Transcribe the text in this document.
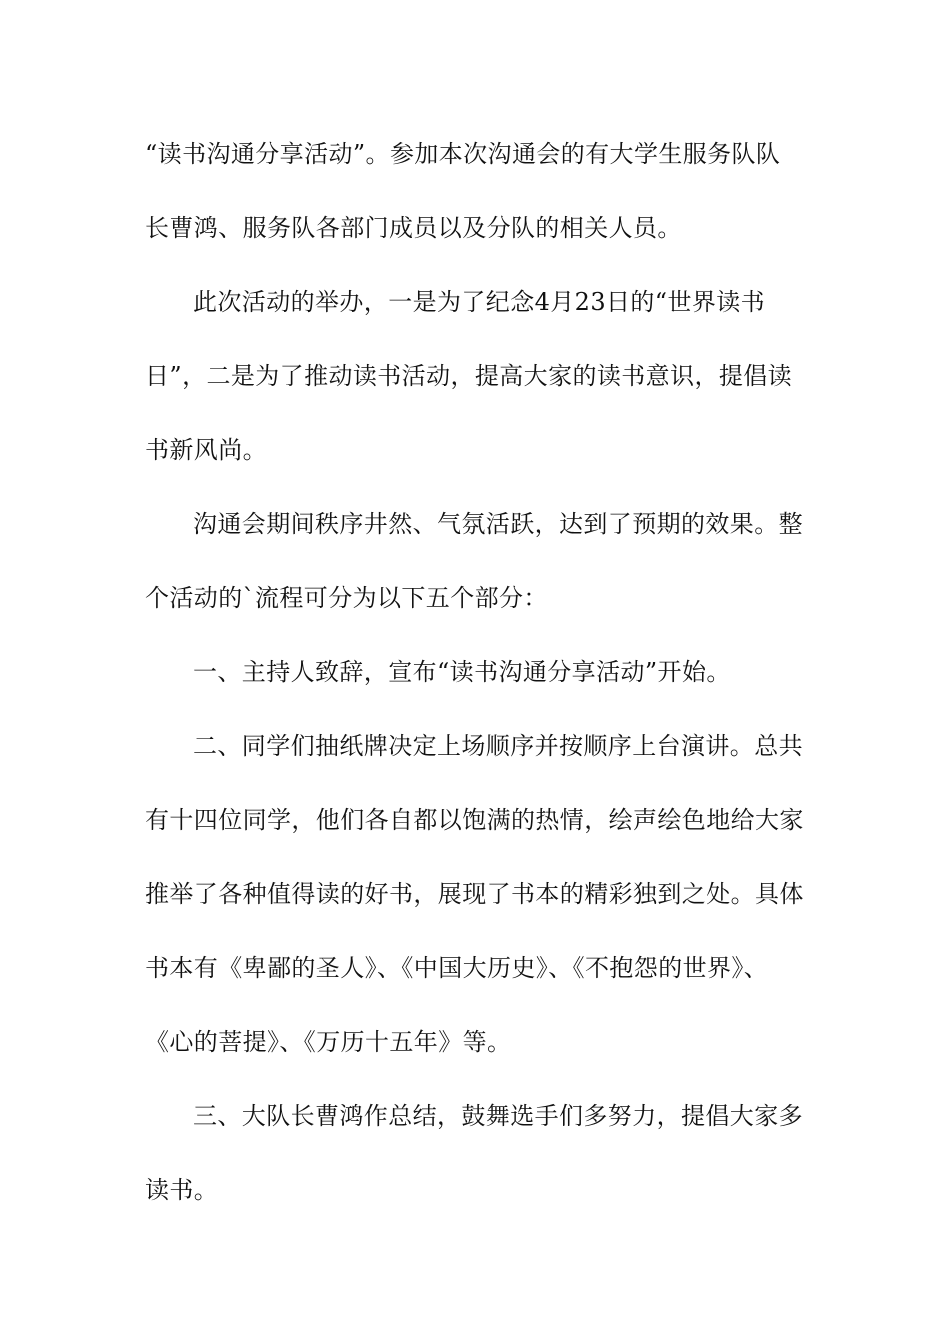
“读书沟通分享活动”。参加本次沟通会的有大学生服务队队

长曹鸿、服务队各部门成员以及分队的相关人员。

此次活动的举办，一是为了纪念4月23日的“世界读书

日”，二是为了推动读书活动，提高大家的读书意识，提倡读

书新风尚。

沟通会期间秩序井然、气氛活跃，达到了预期的效果。整

个活动的`流程可分为以下五个部分：

一、主持人致辞，宣布“读书沟通分享活动”开始。

二、同学们抽纸牌决定上场顺序并按顺序上台演讲。总共

有十四位同学，他们各自都以饱满的热情，绘声绘色地给大家

推举了各种值得读的好书，展现了书本的精彩独到之处。具体

书本有《卑鄙的圣人》、《中国大历史》、《不抱怨的世界》、

《心的菩提》、《万历十五年》等。

三、大队长曹鸿作总结，鼓舞选手们多努力，提倡大家多

读书。
